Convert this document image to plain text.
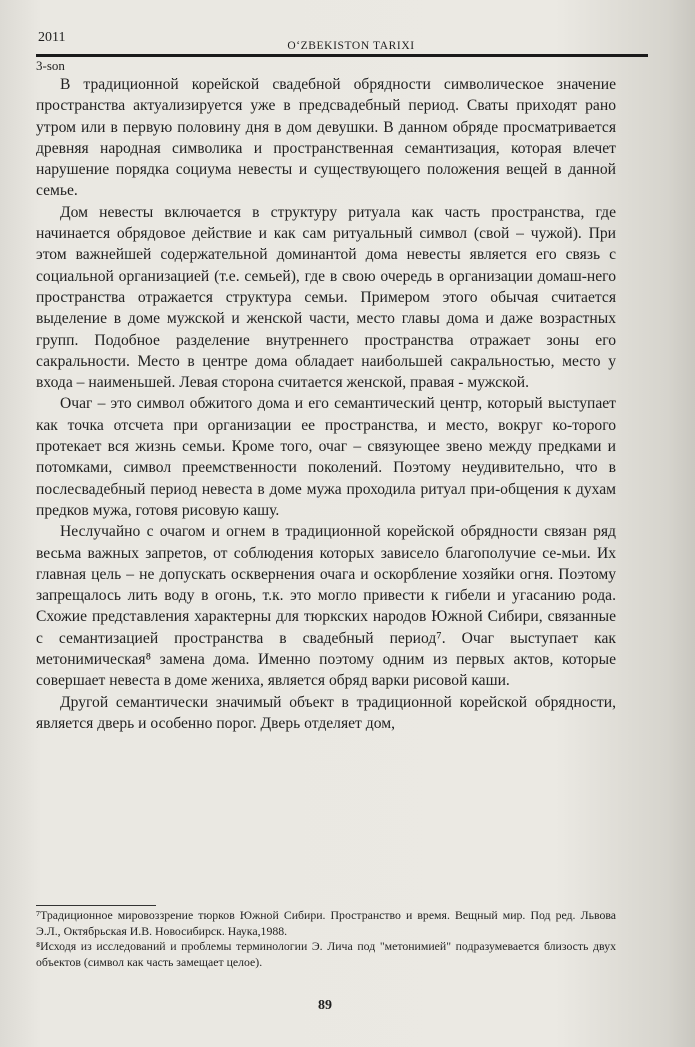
2011
O‘ZBEKISTON TARIXI
3-son

В традиционной корейской свадебной обрядности символическое значение пространства актуализируется уже в предсвадебный период. Сваты приходят рано утром или в первую половину дня в дом девушки. В данном обряде просматривается древняя народная символика и пространственная семантизация, которая влечет нарушение порядка социума невесты и существующего положения вещей в данной семье.

Дом невесты включается в структуру ритуала как часть пространства, где начинается обрядовое действие и как сам ритуальный символ (свой – чужой). При этом важнейшей содержательной доминантой дома невесты является его связь с социальной организацией (т.е. семьей), где в свою очередь в организации домаш-него пространства отражается структура семьи. Примером этого обычая считается выделение в доме мужской и женской части, место главы дома и даже возрастных групп. Подобное разделение внутреннего пространства отражает зоны его сакральности. Место в центре дома обладает наибольшей сакральностью, место у входа – наименьшей. Левая сторона считается женской, правая - мужской.

Очаг – это символ обжитого дома и его семантический центр, который выступает как точка отсчета при организации ее пространства, и место, вокруг ко-торого протекает вся жизнь семьи. Кроме того, очаг – связующее звено между предками и потомками, символ преемственности поколений. Поэтому неудивительно, что в послесвадебный период невеста в доме мужа проходила ритуал при-общения к духам предков мужа, готовя рисовую кашу.

Неслучайно с очагом и огнем в традиционной корейской обрядности связан ряд весьма важных запретов, от соблюдения которых зависело благополучие се-мьи. Их главная цель – не допускать осквернения очага и оскорбление хозяйки огня. Поэтому запрещалось лить воду в огонь, т.к. это могло привести к гибели и угасанию рода. Схожие представления характерны для тюркских народов Южной Сибири, связанные с семантизацией пространства в свадебный период⁷. Очаг выступает как метонимическая⁸ замена дома. Именно поэтому одним из первых актов, которые совершает невеста в доме жениха, является обряд варки рисовой каши.

Другой семантически значимый объект в традиционной корейской обрядности, является дверь и особенно порог. Дверь отделяет дом,

⁷Традиционное мировоззрение тюрков Южной Сибири. Пространство и время. Вещный мир. Под ред. Львова Э.Л., Октябрьская И.В. Новосибирск. Наука,1988.

⁸Исходя из исследований и проблемы терминологии Э. Лича под "метонимией" подразумевается близость двух объектов (символ как часть замещает целое).

89
